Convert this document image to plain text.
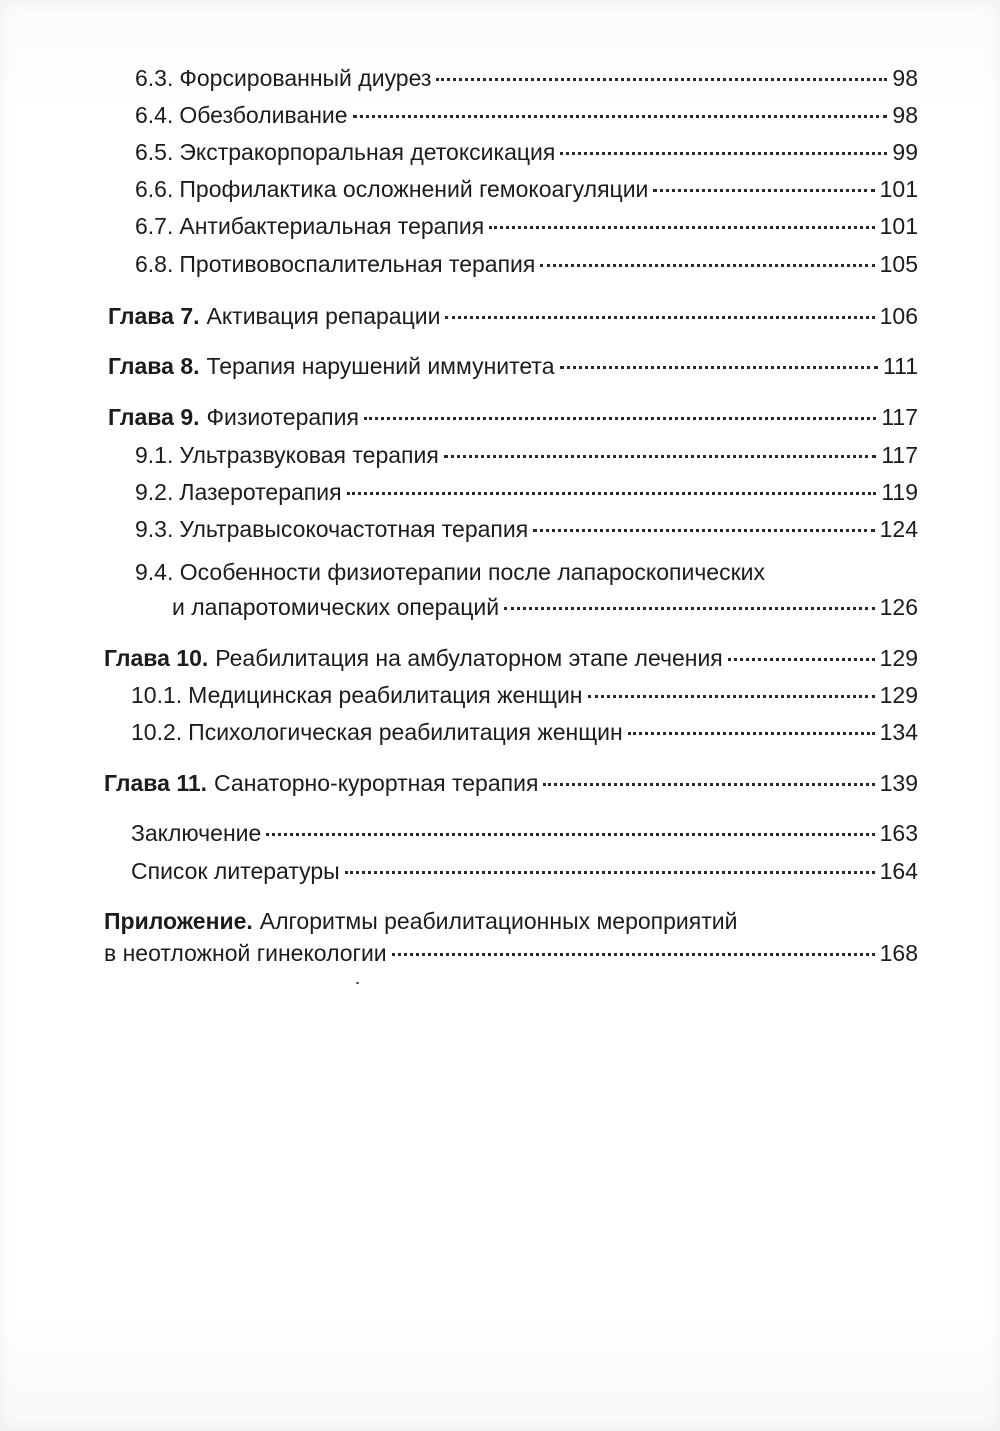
6.3. Форсированный диурез	98
6.4. Обезболивание	98
6.5. Экстракорпоральная детоксикация	99
6.6. Профилактика осложнений гемокоагуляции	101
6.7. Антибактериальная терапия	101
6.8. Противовоспалительная терапия	105
Глава 7. Активация репарации	106
Глава 8. Терапия нарушений иммунитета	111
Глава 9. Физиотерапия	117
9.1. Ультразвуковая терапия	117
9.2. Лазеротерапия	119
9.3. Ультравысокочастотная терапия	124
9.4. Особенности физиотерапии после лапароскопических
и лапаротомических операций	126
Глава 10. Реабилитация на амбулаторном этапе лечения	129
10.1. Медицинская реабилитация женщин	129
10.2. Психологическая реабилитация женщин	134
Глава 11. Санаторно-курортная терапия	139
Заключение	163
Список литературы	164
Приложение. Алгоритмы реабилитационных мероприятий
в неотложной гинекологии	168
